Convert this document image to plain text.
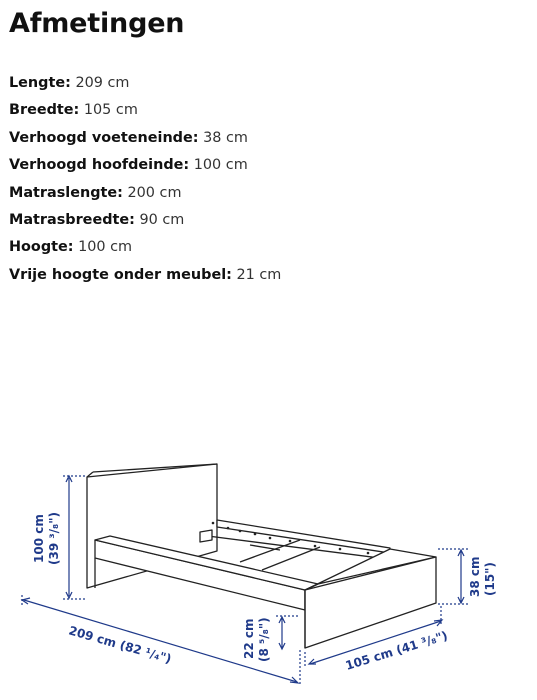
Afmetingen
Lengte: 209 cm
Breedte: 105 cm
Verhoogd voeteneinde: 38 cm
Verhoogd hoofdeinde: 100 cm
Matraslengte: 200 cm
Matrasbreedte: 90 cm
Hoogte: 100 cm
Vrije hoogte onder meubel: 21 cm
100 cm (39 ³/₈")
209 cm (82 ¹/₄")	22 cm (8 ⁵/₈")	105 cm (41 ³/₈")
38 cm (15")
